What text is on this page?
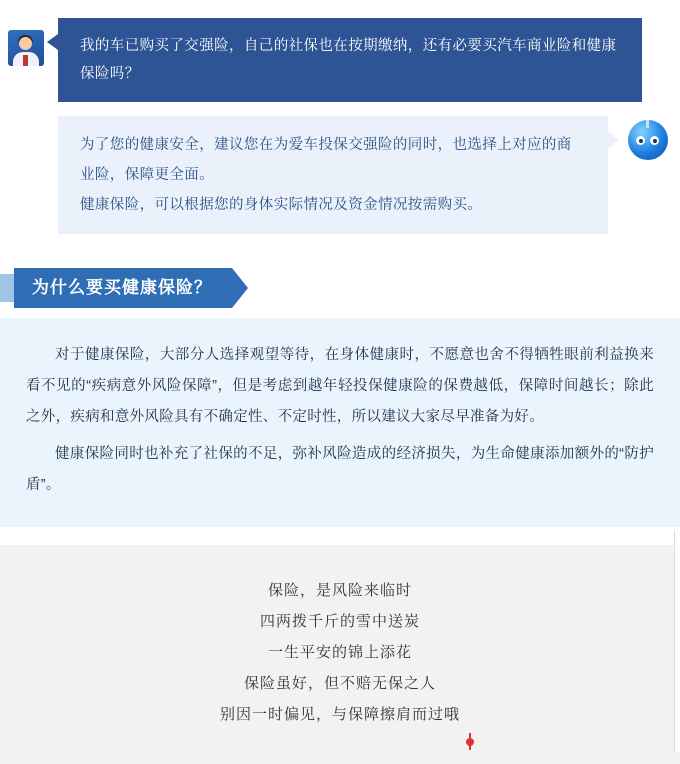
我的车已购买了交强险，自己的社保也在按期缴纳，还有必要买汽车商业险和健康保险吗？
为了您的健康安全，建议您在为爱车投保交强险的同时，也选择上对应的商业险，保障更全面。
健康保险，可以根据您的身体实际情况及资金情况按需购买。
为什么要买健康保险？

对于健康保险，大部分人选择观望等待，在身体健康时，不愿意也舍不得牺牲眼前利益换来看不见的“疾病意外风险保障”，但是考虑到越年轻投保健康险的保费越低，保障时间越长；除此之外，疾病和意外风险具有不确定性、不定时性，所以建议大家尽早准备为好。

健康保险同时也补充了社保的不足，弥补风险造成的经济损失，为生命健康添加额外的“防护盾”。

保险，是风险来临时
四两拨千斤的雪中送炭
一生平安的锦上添花
保险虽好，但不赔无保之人
别因一时偏见，与保障擦肩而过哦
